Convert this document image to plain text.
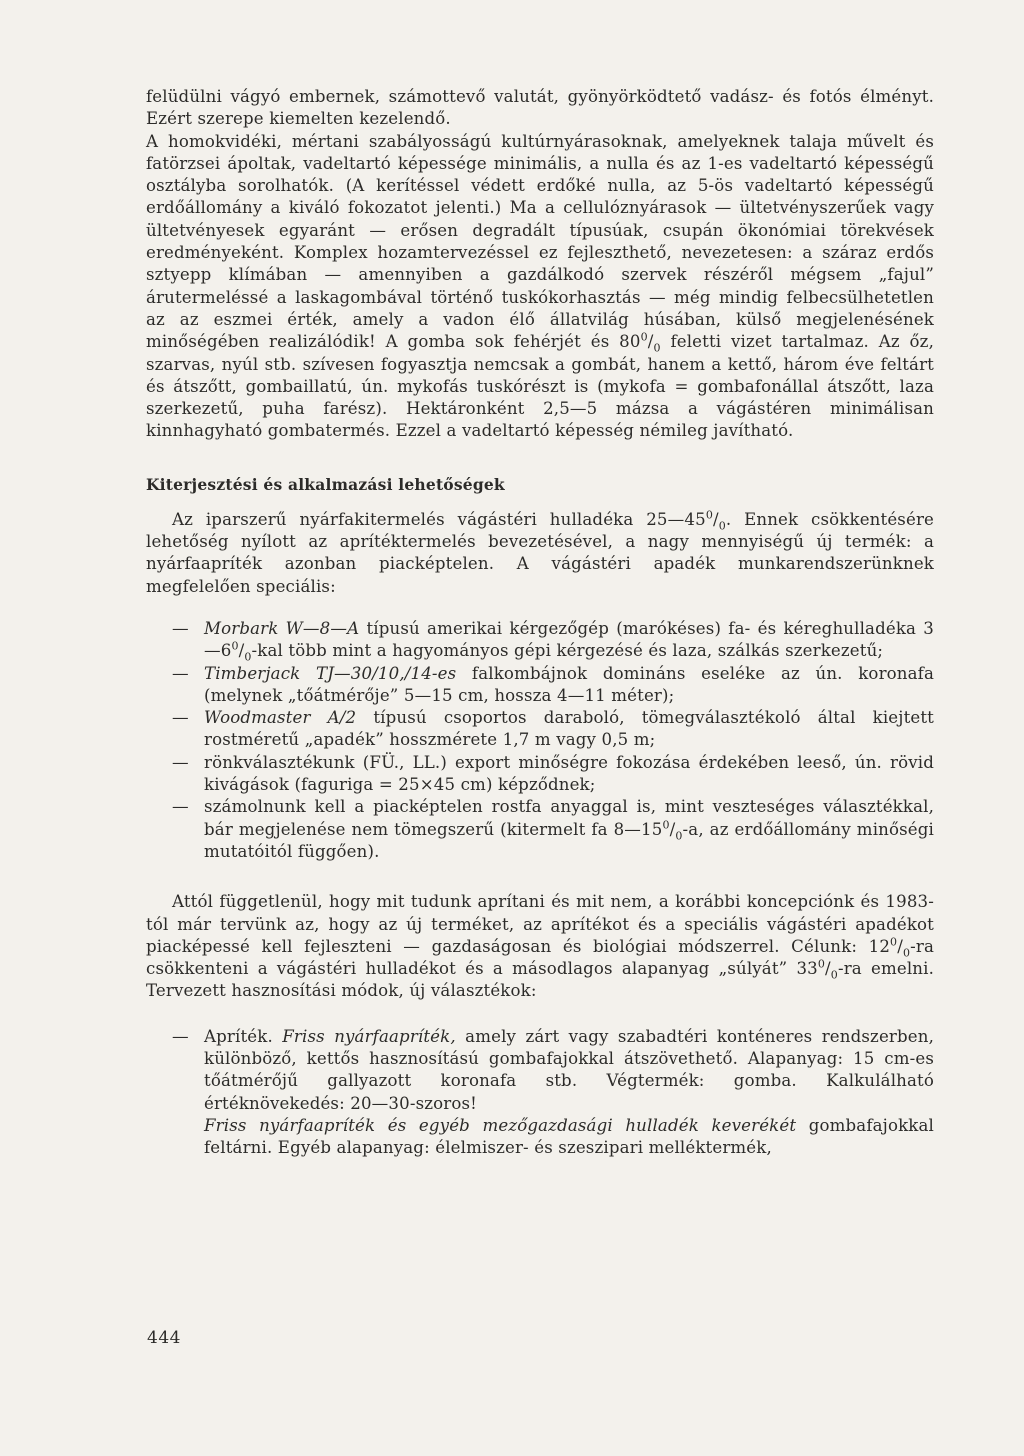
felüdülni vágyó embernek, számottevő valutát, gyönyörködtető vadász- és fotós élményt. Ezért szerepe kiemelten kezelendő.

A homokvidéki, mértani szabályosságú kultúrnyárasoknak, amelyeknek talaja művelt és fatörzsei ápoltak, vadeltartó képessége minimális, a nulla és az 1-es vadeltartó képességű osztályba sorolhatók. (A kerítéssel védett erdőké nulla, az 5-ös vadeltartó képességű erdőállomány a kiváló fokozatot jelenti.) Ma a cellulóznyárasok — ültetvényszerűek vagy ültetvényesek egyaránt — erősen degradált típusúak, csupán ökonómiai törekvések eredményeként. Komplex hozamtervezéssel ez fejleszthető, nevezetesen: a száraz erdős sztyepp klímában — amennyiben a gazdálkodó szervek részéről mégsem „fajul” árutermeléssé a laskagombával történő tuskókorhasztás — még mindig felbecsülhetetlen az az eszmei érték, amely a vadon élő állatvilág húsában, külső megjelenésének minőségében realizálódik! A gomba sok fehérjét és $80^0/_0$ feletti vizet tartalmaz. Az őz, szarvas, nyúl stb. szívesen fogyasztja nemcsak a gombát, hanem a kettő, három éve feltárt és átszőtt, gombaillatú, ún. mykofás tuskórészt is (mykofa = gombafonállal átszőtt, laza szerkezetű, puha farész). Hektáronként 2,5—5 mázsa a vágástéren minimálisan kinnhagyható gombatermés. Ezzel a vadeltartó képesség némileg javítható.

Kiterjesztési és alkalmazási lehetőségek

Az iparszerű nyárfakitermelés vágástéri hulladéka $25—45^0/_0$. Ennek csökkentésére lehetőség nyílott az aprítéktermelés bevezetésével, a nagy mennyiségű új termék: a nyárfaapríték azonban piacképtelen. A vágástéri apadék munkarendszerünknek megfelelően speciális:

— Morbark W—8—A típusú amerikai kérgezőgép (marókéses) fa- és kéreghulladéka $3—6^0/_0$-kal több mint a hagyományos gépi kérgezésé és laza, szálkás szerkezetű;
— Timberjack TJ—30/10,/14-es falkombájnok domináns eseléke az ún. koronafa (melynek „tőátmérője” 5—15 cm, hossza 4—11 méter);
— Woodmaster A/2 típusú csoportos daraboló, tömegválasztékoló által kiejtett rostméretű „apadék” hosszmérete 1,7 m vagy 0,5 m;
— rönkválasztékunk (FÜ., LL.) export minőségre fokozása érdekében leeső, ún. rövid kivágások (faguriga = 25×45 cm) képződnek;
— számolnunk kell a piacképtelen rostfa anyaggal is, mint veszteséges választékkal, bár megjelenése nem tömegszerű (kitermelt fa $8—15^0/_0-a$, az erdőállomány minőségi mutatóitól függően).

Attól függetlenül, hogy mit tudunk aprítani és mit nem, a korábbi koncepciónk és 1983-tól már tervünk az, hogy az új terméket, az aprítékot és a speciális vágástéri apadékot piacképessé kell fejleszteni — gazdaságosan és biológiai módszerrel. Célunk: $12^0/_0-ra$ csökkenteni a vágástéri hulladékot és a másodlagos alapanyag „súlyát” $33^0/_0-ra$ emelni. Tervezett hasznosítási módok, új választékok:

— Apríték. Friss nyárfaapríték, amely zárt vagy szabadtéri konténeres rendszerben, különböző, kettős hasznosítású gombafajokkal átszövethető. Alapanyag: 15 cm-es tőátmérőjű gallyazott koronafa stb. Végtermék: gomba. Kalkulálható értéknövekedés: 20—30-szoros!
Friss nyárfaapríték és egyéb mezőgazdasági hulladék keverékét gombafajokkal feltárni. Egyéb alapanyag: élelmiszer- és szeszipari melléktermék,
444
